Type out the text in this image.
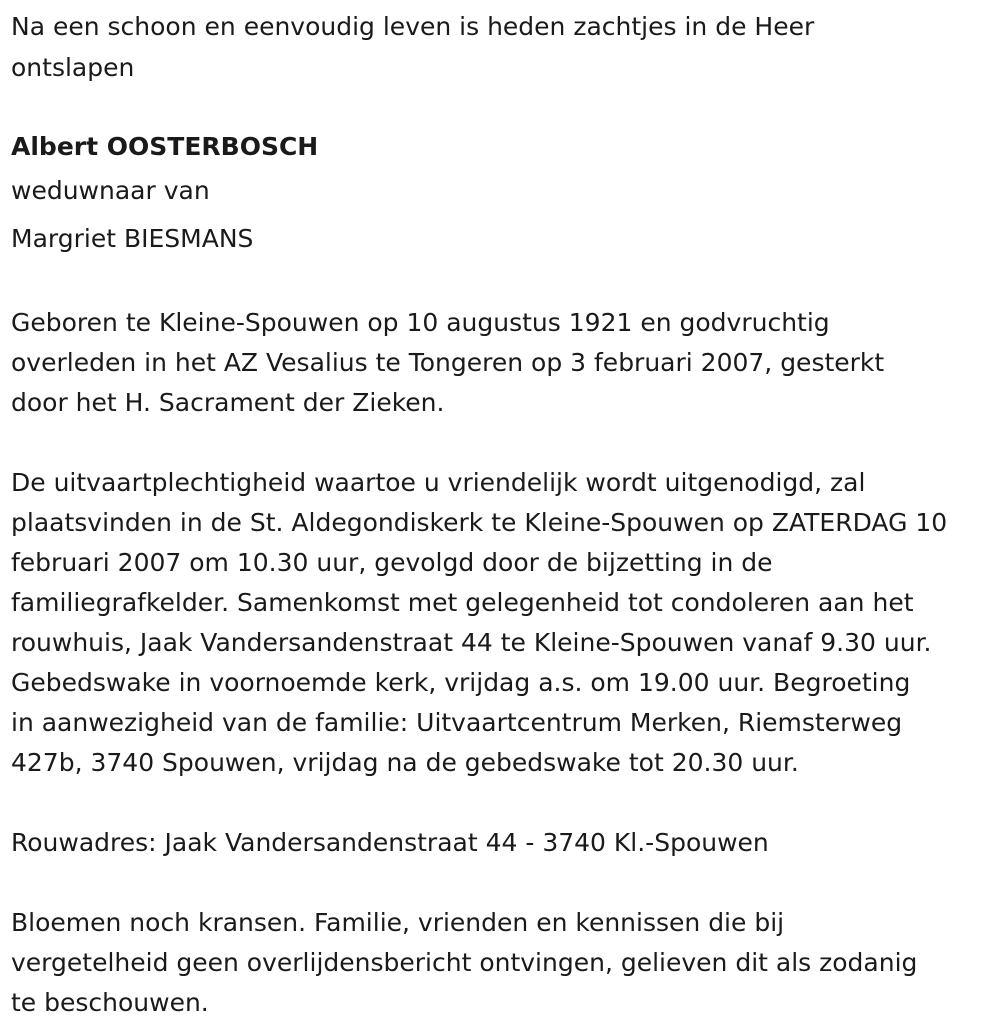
Na een schoon en eenvoudig leven is heden zachtjes in de Heer
ontslapen

Albert OOSTERBOSCH

weduwnaar van

Margriet BIESMANS

Geboren te Kleine-Spouwen op 10 augustus 1921 en godvruchtig
overleden in het AZ Vesalius te Tongeren op 3 februari 2007, gesterkt
door het H. Sacrament der Zieken.

De uitvaartplechtigheid waartoe u vriendelijk wordt uitgenodigd, zal
plaatsvinden in de St. Aldegondiskerk te Kleine-Spouwen op ZATERDAG 10
februari 2007 om 10.30 uur, gevolgd door de bijzetting in de
familiegrafkelder. Samenkomst met gelegenheid tot condoleren aan het
rouwhuis, Jaak Vandersandenstraat 44 te Kleine-Spouwen vanaf 9.30 uur.
Gebedswake in voornoemde kerk, vrijdag a.s. om 19.00 uur. Begroeting
in aanwezigheid van de familie: Uitvaartcentrum Merken, Riemsterweg
427b, 3740 Spouwen, vrijdag na de gebedswake tot 20.30 uur.

Rouwadres: Jaak Vandersandenstraat 44 - 3740 Kl.-Spouwen

Bloemen noch kransen. Familie, vrienden en kennissen die bij
vergetelheid geen overlijdensbericht ontvingen, gelieven dit als zodanig
te beschouwen.
